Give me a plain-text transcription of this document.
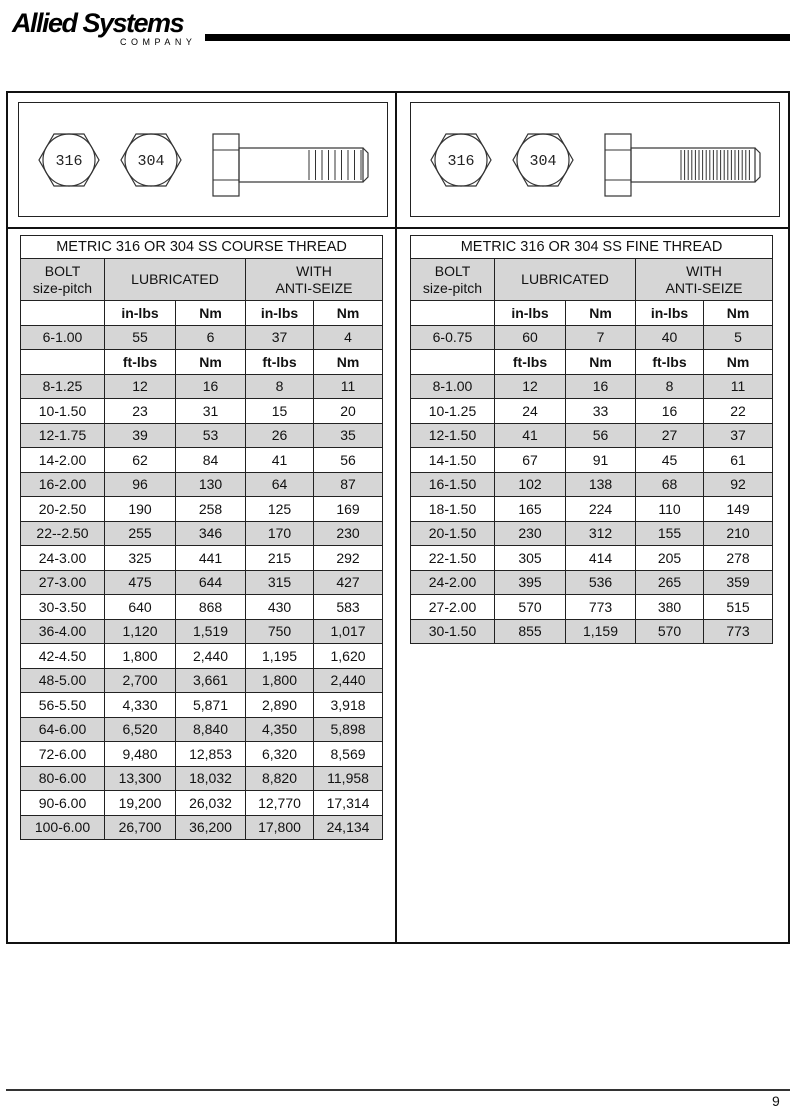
Allied Systems
COMPANY
316	304	316	304
METRIC 316 OR 304 SS COURSE THREAD				
BOLT
size-pitch	LUBRICATED		WITH
ANTI-SEIZE	
	in-lbs	Nm	in-lbs	Nm
6-1.00	55	6	37	4
	ft-lbs	Nm	ft-lbs	Nm
8-1.25	12	16	8	11
10-1.50	23	31	15	20
12-1.75	39	53	26	35
14-2.00	62	84	41	56
16-2.00	96	130	64	87
20-2.50	190	258	125	169
22--2.50	255	346	170	230
24-3.00	325	441	215	292
27-3.00	475	644	315	427
30-3.50	640	868	430	583
36-4.00	1,120	1,519	750	1,017
42-4.50	1,800	2,440	1,195	1,620
48-5.00	2,700	3,661	1,800	2,440
56-5.50	4,330	5,871	2,890	3,918
64-6.00	6,520	8,840	4,350	5,898
72-6.00	9,480	12,853	6,320	8,569
80-6.00	13,300	18,032	8,820	11,958
90-6.00	19,200	26,032	12,770	17,314
100-6.00	26,700	36,200	17,800	24,134
METRIC 316 OR 304 SS FINE THREAD				
BOLT
size-pitch	LUBRICATED		WITH
ANTI-SEIZE	
	in-lbs	Nm	in-lbs	Nm
6-0.75	60	7	40	5
	ft-lbs	Nm	ft-lbs	Nm
8-1.00	12	16	8	11
10-1.25	24	33	16	22
12-1.50	41	56	27	37
14-1.50	67	91	45	61
16-1.50	102	138	68	92
18-1.50	165	224	110	149
20-1.50	230	312	155	210
22-1.50	305	414	205	278
24-2.00	395	536	265	359
27-2.00	570	773	380	515
30-1.50	855	1,159	570	773
9
